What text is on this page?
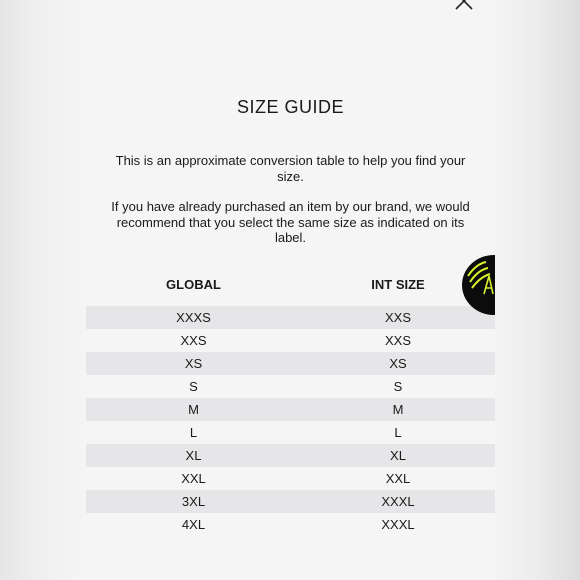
SIZE GUIDE
This is an approximate conversion table to help you find your size.
If you have already purchased an item by our brand, we would recommend that you select the same size as indicated on its label.
GLOBAL	INT SIZE
XXXS	XXS
XXS	XXS
XS	XS
S	S
M	M
L	L
XL	XL
XXL	XXL
3XL	XXXL
4XL	XXXL
